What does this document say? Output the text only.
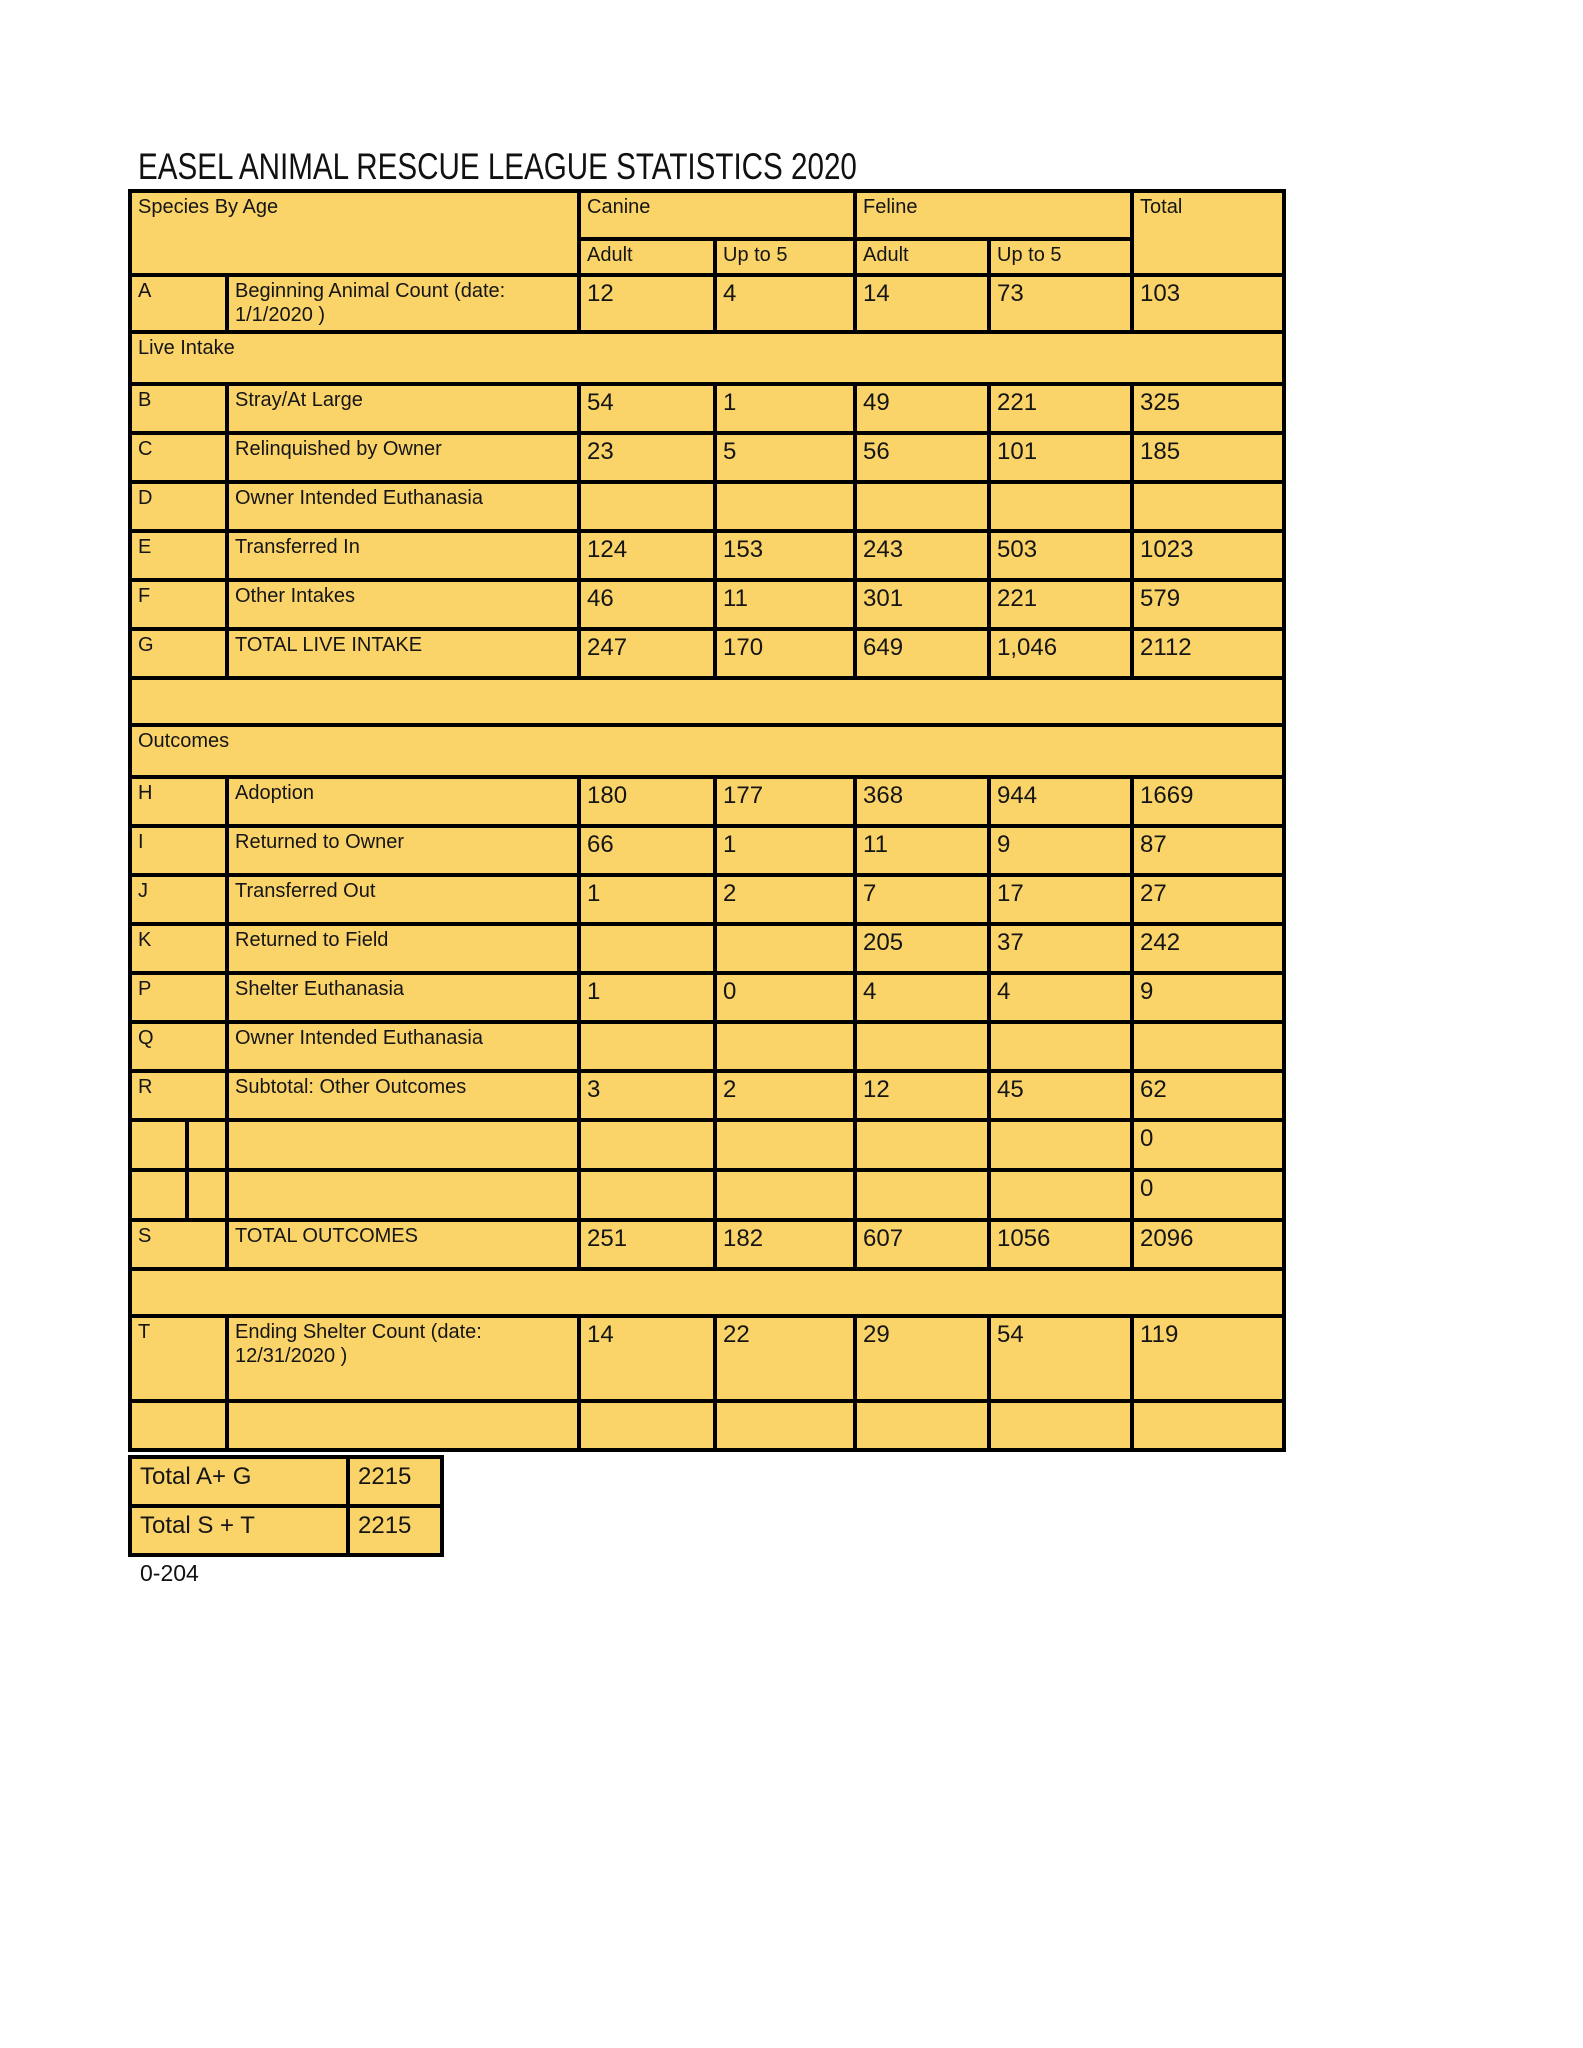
EASEL ANIMAL RESCUE LEAGUE STATISTICS 2020
Species By Age			Canine		Feline		Total
			Adult	Up to 5	Adult	Up to 5	
A		Beginning Animal Count (date: 1/1/2020 )	12	4	14	73	103
Live Intake							
B		Stray/At Large	54	1	49	221	325
C		Relinquished by Owner	23	5	56	101	185
D		Owner Intended Euthanasia					
E		Transferred In	124	153	243	503	1023
F		Other Intakes	46	11	301	221	579
G		TOTAL LIVE INTAKE	247	170	649	1,046	2112

Outcomes							
H		Adoption	180	177	368	944	1669
I		Returned to Owner	66	1	11	9	87
J		Transferred Out	1	2	7	17	27
K		Returned to Field			205	37	242
P		Shelter Euthanasia	1	0	4	4	9
Q		Owner Intended Euthanasia					
R		Subtotal: Other Outcomes	3	2	12	45	62
							0
							0
S		TOTAL OUTCOMES	251	182	607	1056	2096

T		Ending Shelter Count (date: 12/31/2020 )	14	22	29	54	119

Total A+ G	2215
Total S + T	2215
0-204
